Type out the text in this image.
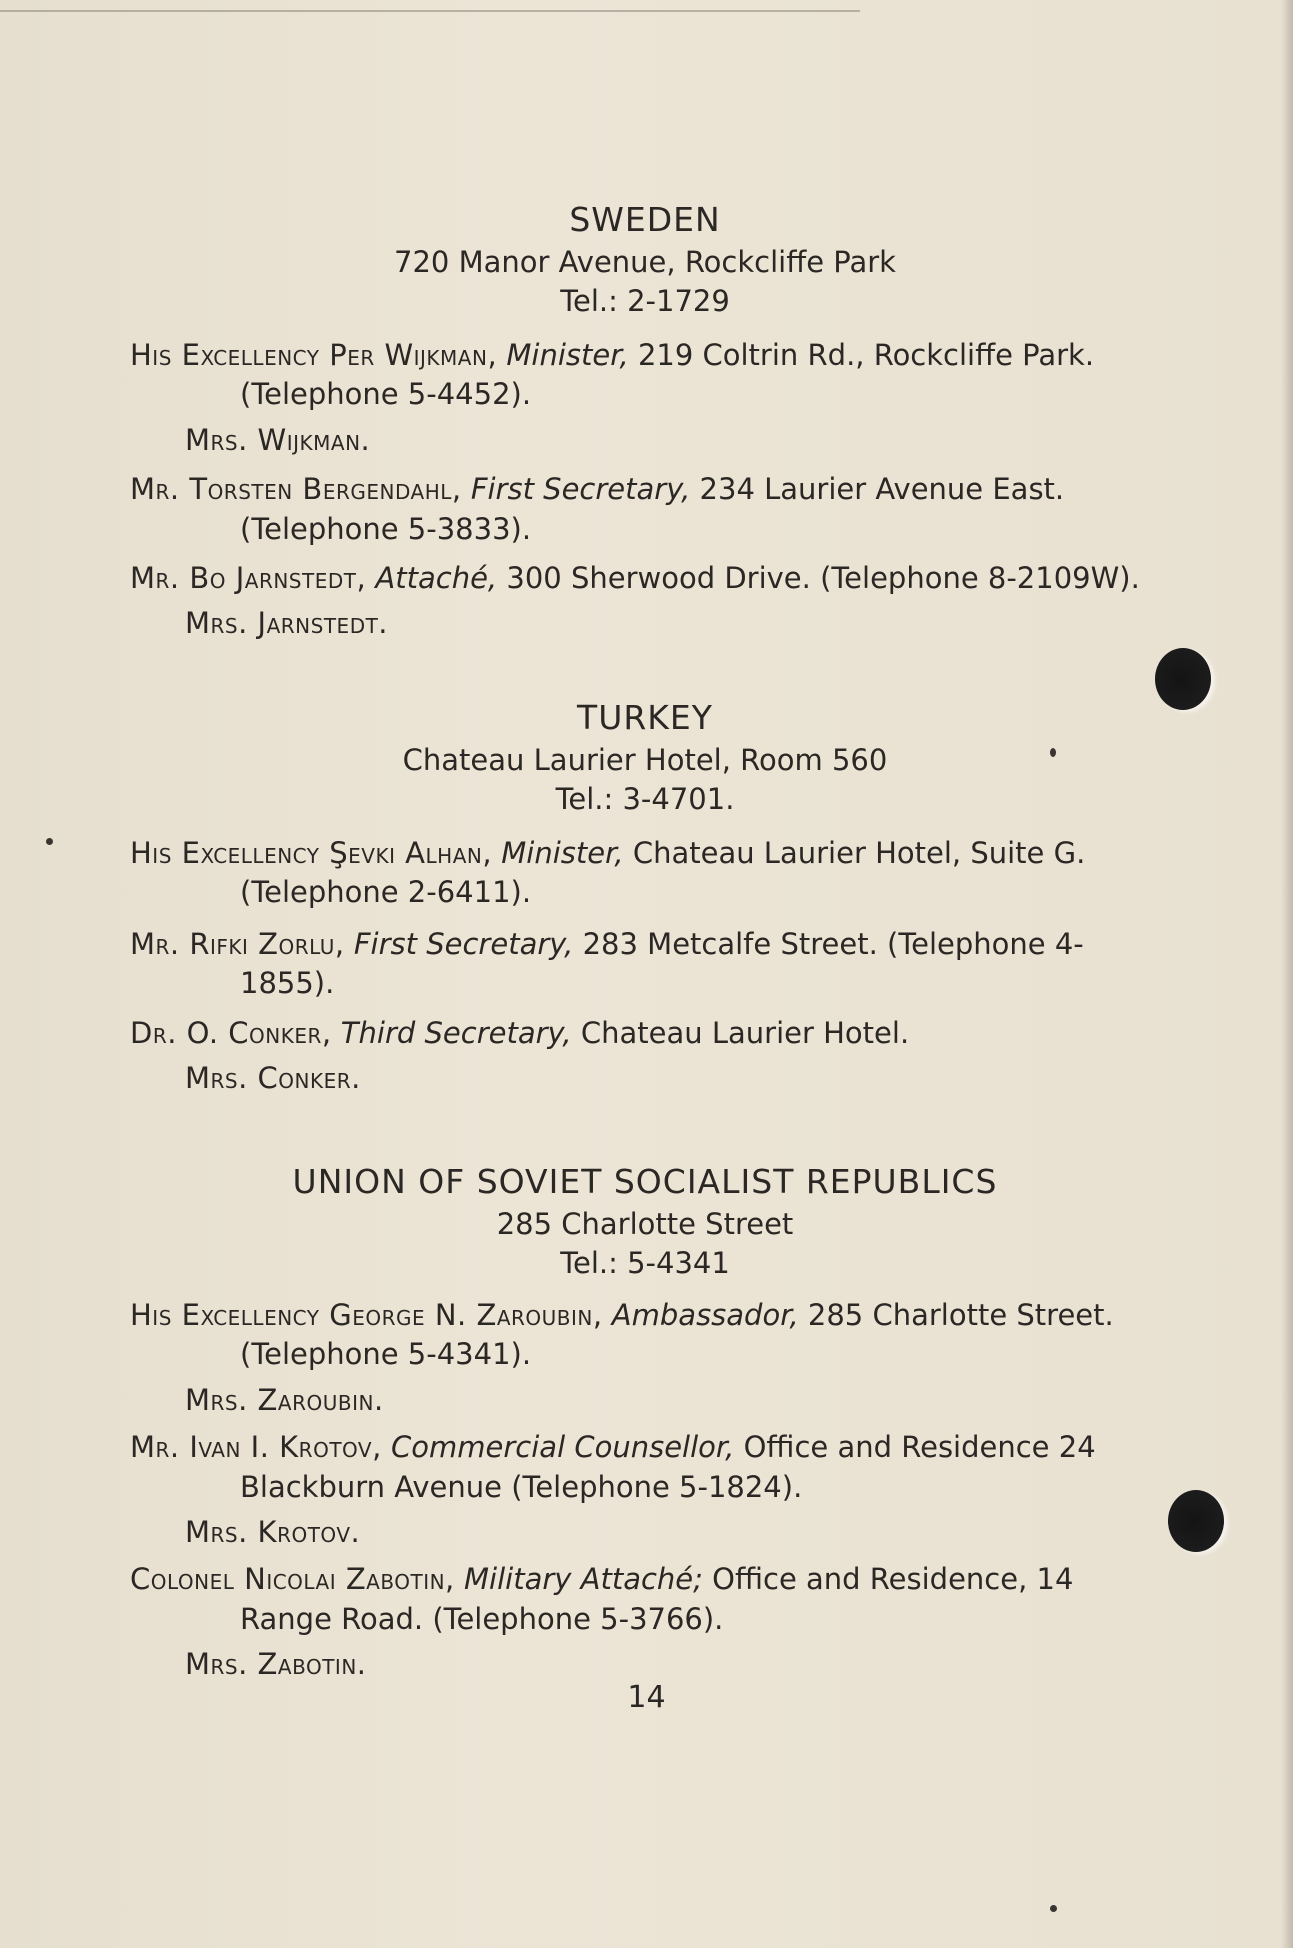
SWEDEN

720 Manor Avenue, Rockcliffe Park

Tel.: 2-1729

His Excellency Per Wijkman, Minister, 219 Coltrin Rd., Rockcliffe Park. (Telephone 5-4452).

Mrs. Wijkman.

Mr. Torsten Bergendahl, First Secretary, 234 Laurier Avenue East. (Telephone 5-3833).

Mr. Bo Jarnstedt, Attaché, 300 Sherwood Drive. (Telephone 8-2109W).

Mrs. Jarnstedt.

TURKEY

Chateau Laurier Hotel, Room 560

Tel.: 3-4701.

His Excellency Şevki Alhan, Minister, Chateau Laurier Hotel, Suite G. (Telephone 2-6411).

Mr. Rifki Zorlu, First Secretary, 283 Metcalfe Street. (Telephone 4-1855).

Dr. O. Conker, Third Secretary, Chateau Laurier Hotel.

Mrs. Conker.

UNION OF SOVIET SOCIALIST REPUBLICS

285 Charlotte Street

Tel.: 5-4341

His Excellency George N. Zaroubin, Ambassador, 285 Charlotte Street. (Telephone 5-4341).

Mrs. Zaroubin.

Mr. Ivan I. Krotov, Commercial Counsellor, Office and Residence 24 Blackburn Avenue (Telephone 5-1824).

Mrs. Krotov.

Colonel Nicolai Zabotin, Military Attaché; Office and Residence, 14 Range Road. (Telephone 5-3766).

Mrs. Zabotin.

14
